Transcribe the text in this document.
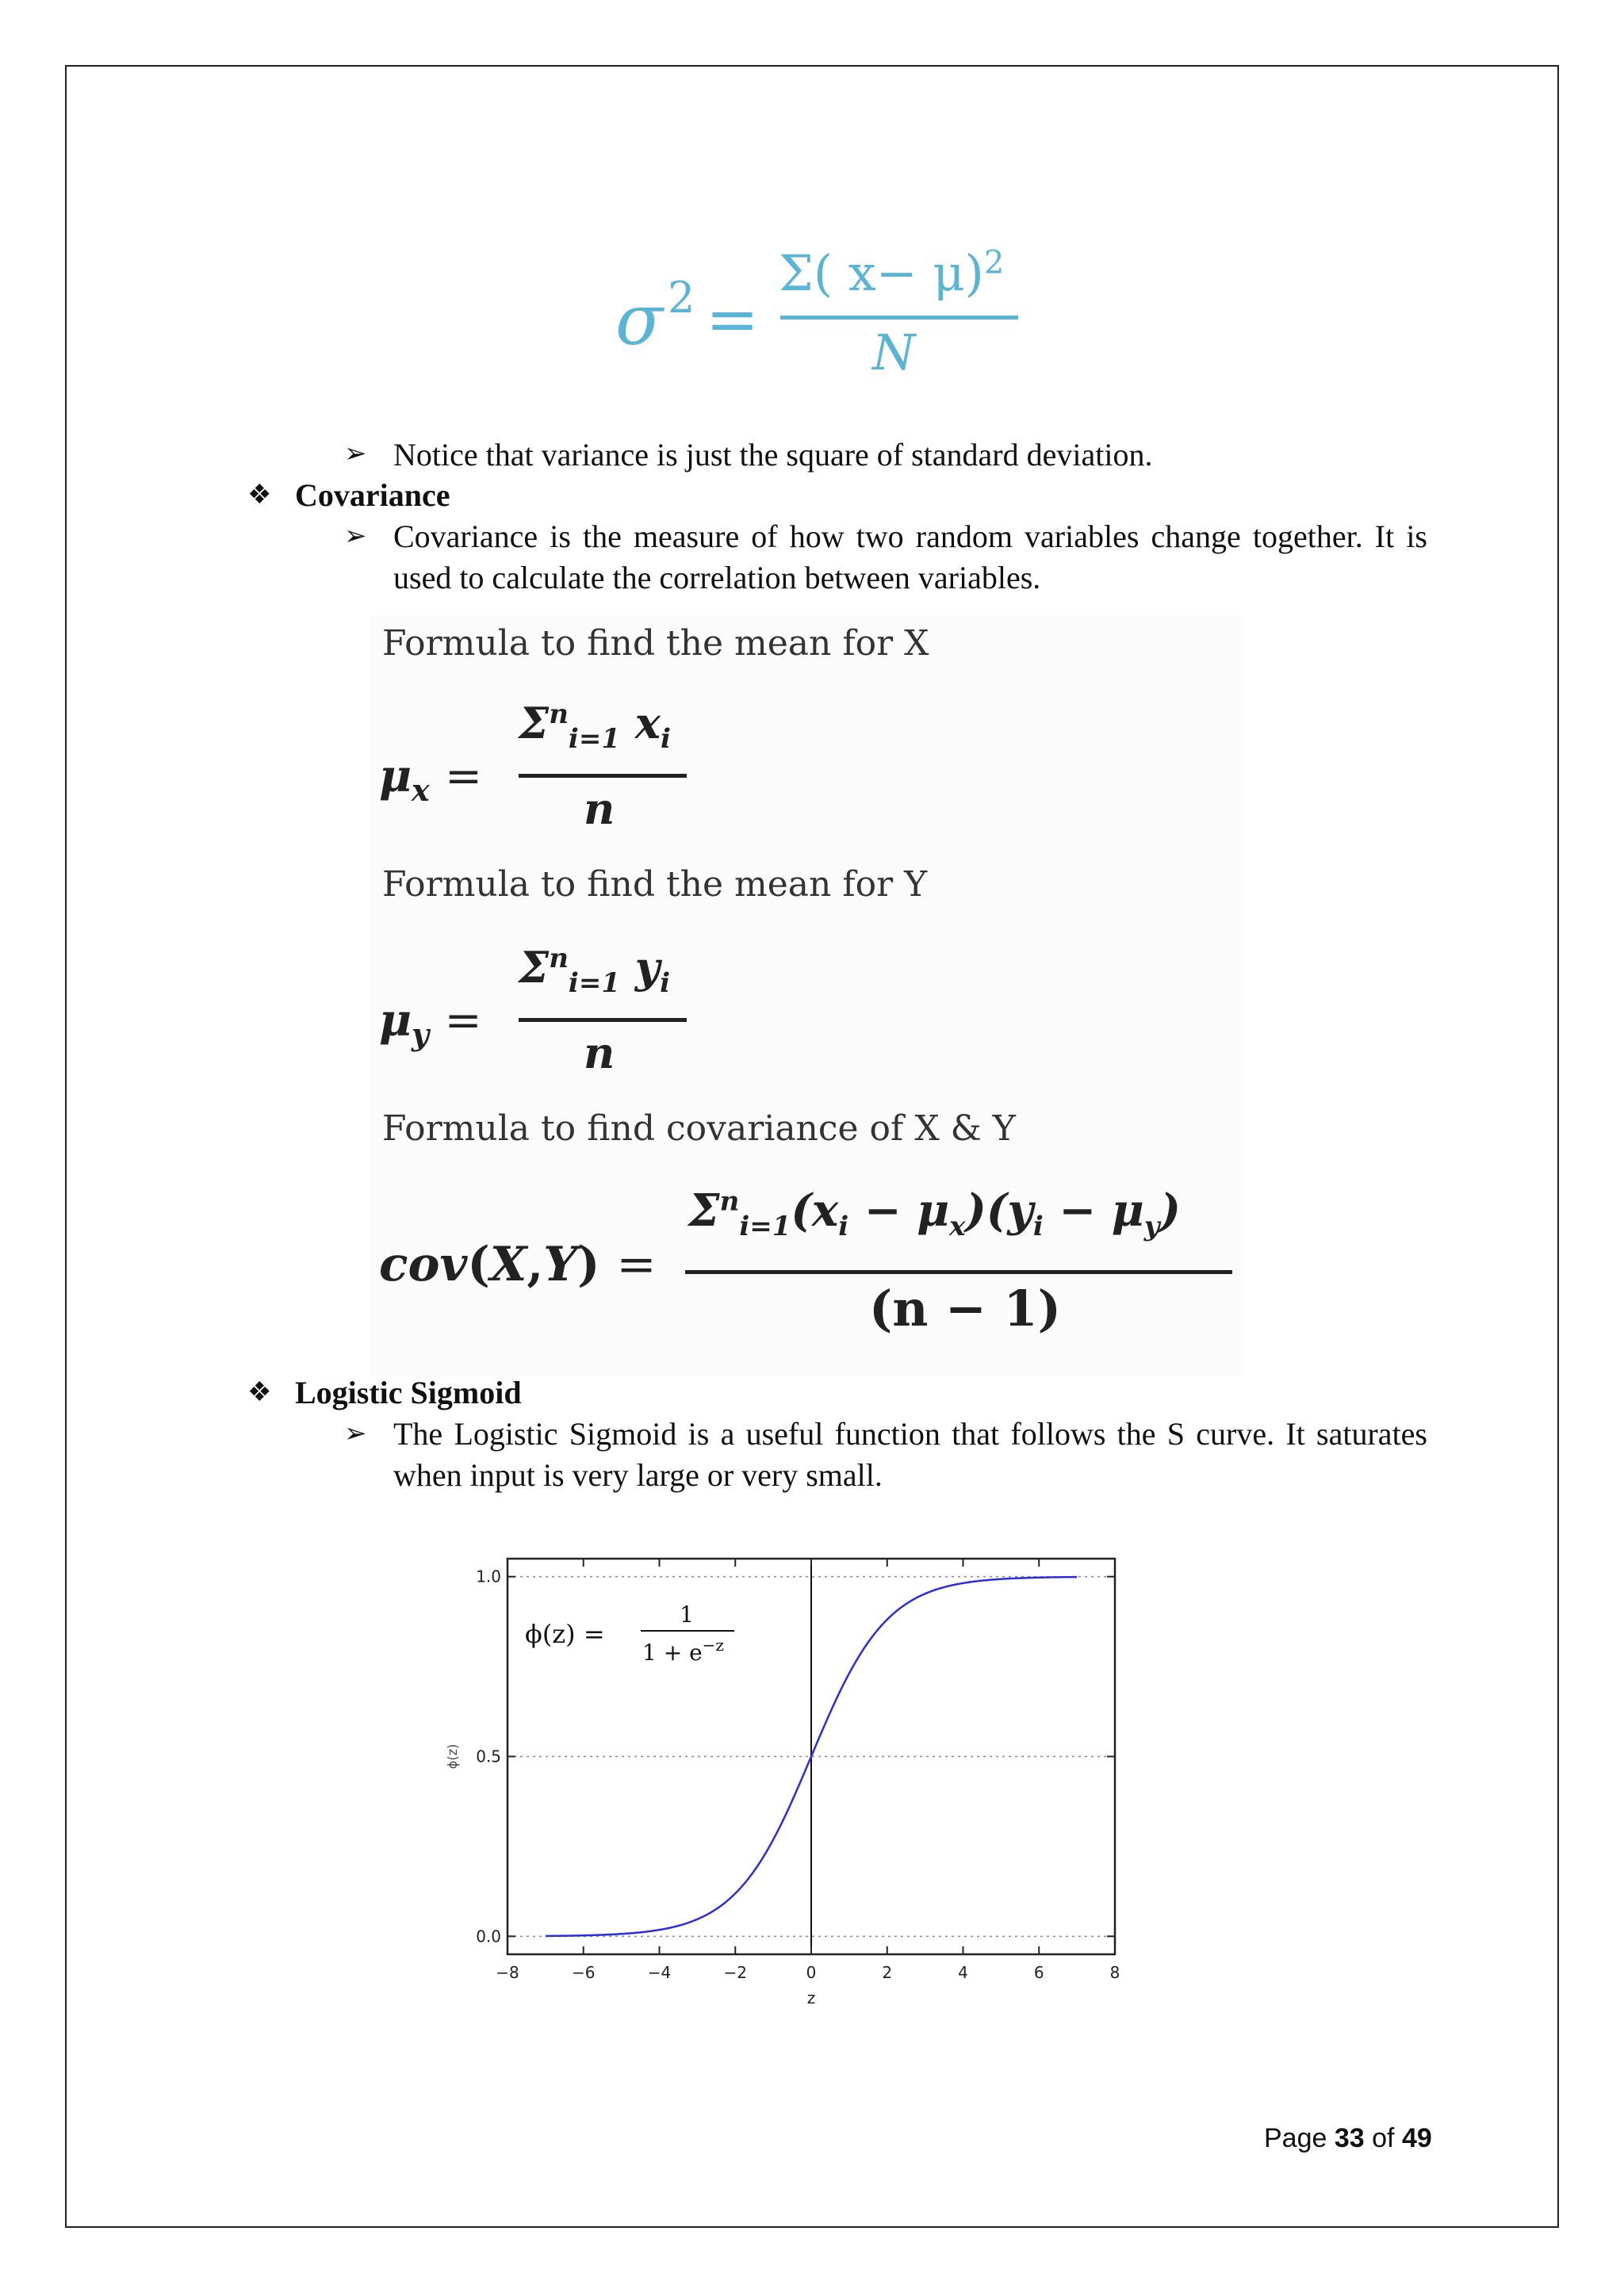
σ 2 =
Σ( x− μ)$^2$
N
➢ Notice that variance is just the square of standard deviation.
❖ Covariance
➢ Covariance is the measure of how two random variables change together. It is used to calculate the correlation between variables.
Formula to find the mean for X
$\mu_x$ =
$\Sigma^n_{i=1}$ $x_i$
n
Formula to find the mean for Y
$\mu_y$ =
$\Sigma^n_{i=1}$ $y_i$
n
Formula to find covariance of X & Y
cov(X,Y) =
$\Sigma^n_{i=1}(x_i - \mu_x)(y_i - \mu_y)$
(n − 1)
❖ Logistic Sigmoid
➢ The Logistic Sigmoid is a useful function that follows the S curve. It saturates when input is very large or very small.
−8	−6	−4	−2	0	2	4	6	8
0.0
0.5
1.0
z
ϕ(z)
ϕ(z) =
1
$1 + e^{-z}$
Page 33 of 49
